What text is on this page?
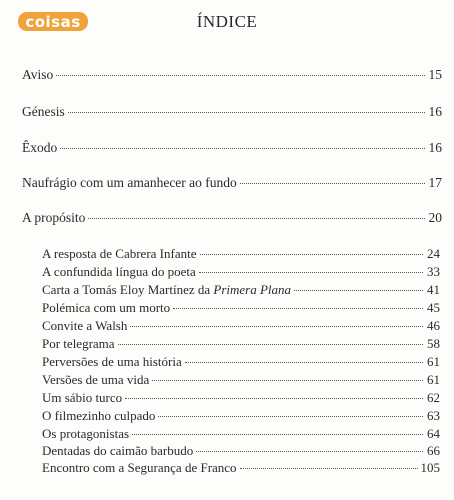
coisas	ÍNDICE
Aviso	15
Génesis	16
Êxodo	16
Naufrágio com um amanhecer ao fundo	17
A propósito	20
A resposta de Cabrera Infante	24
A confundida língua do poeta	33
Carta a Tomás Eloy Martínez da Primera Plana	41
Polémica com um morto	45
Convite a Walsh	46
Por telegrama	58
Perversões de uma história	61
Versões de uma vida	61
Um sábio turco	62
O filmezinho culpado	63
Os protagonistas	64
Dentadas do caimão barbudo	66
Encontro com a Segurança de Franco	105
